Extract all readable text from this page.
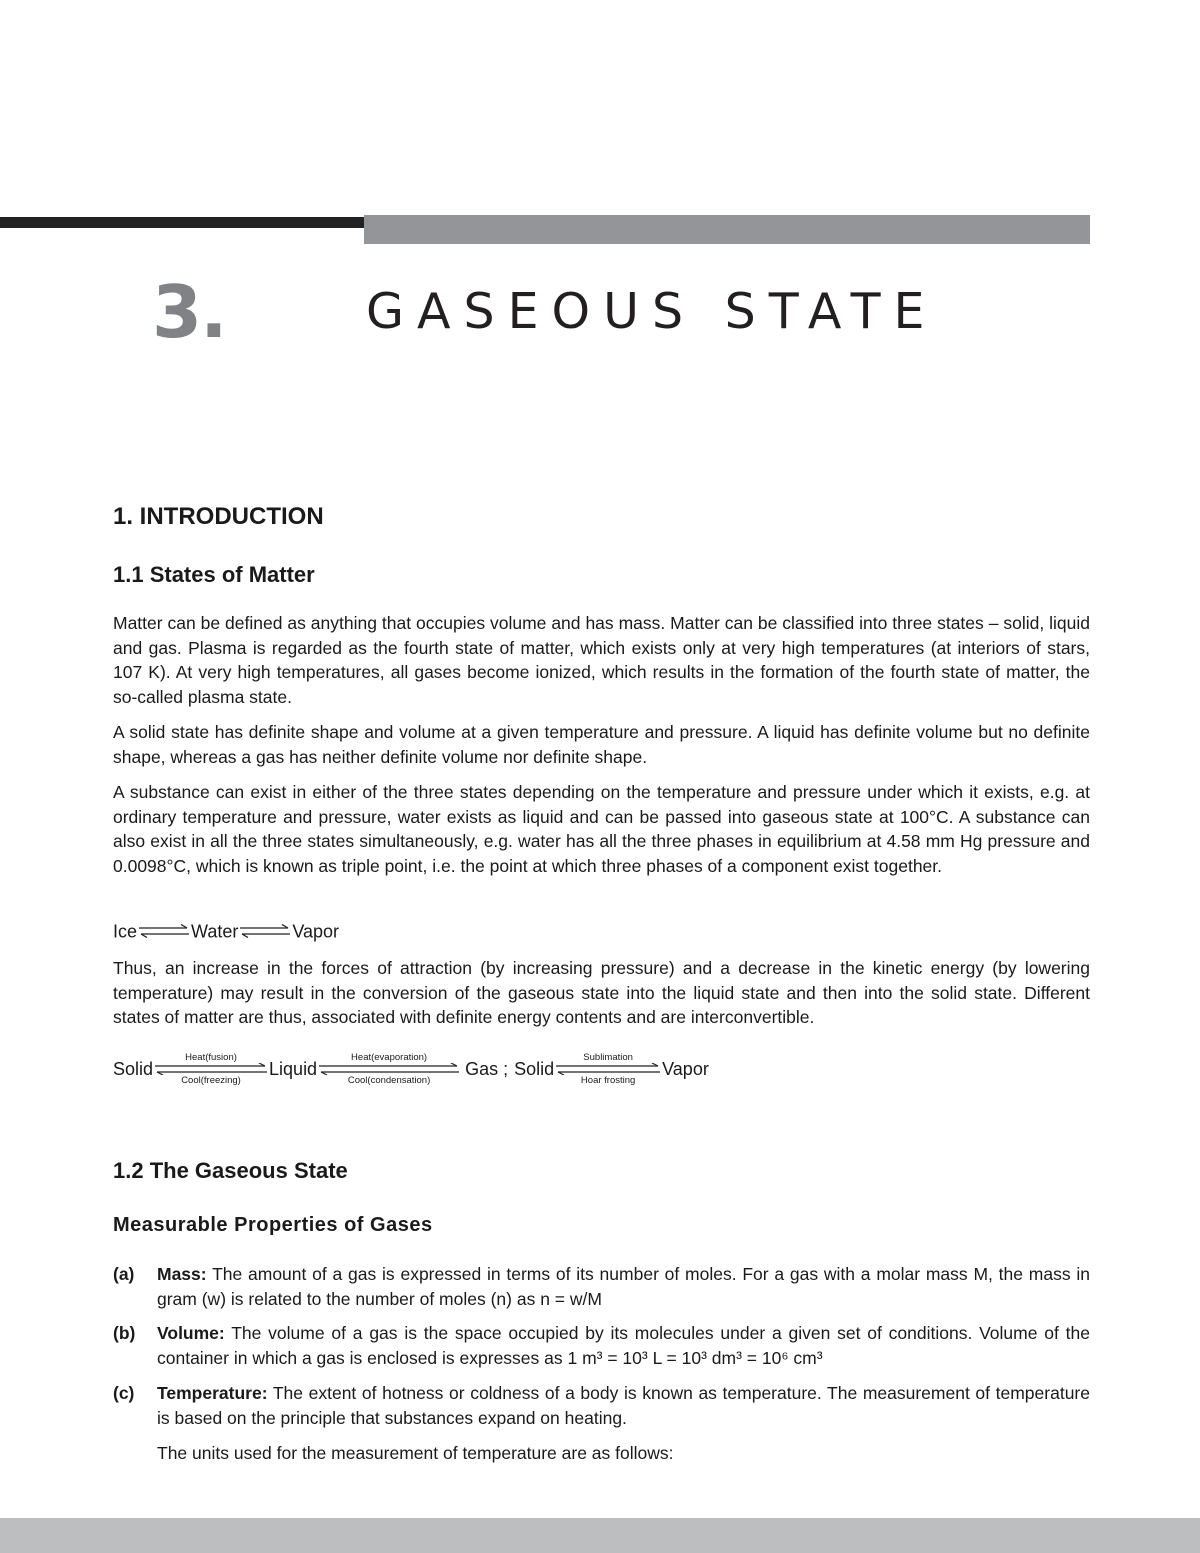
3.	GASEOUS STATE
1. INTRODUCTION
1.1 States of Matter

Matter can be defined as anything that occupies volume and has mass. Matter can be classified into three states – solid, liquid and gas. Plasma is regarded as the fourth state of matter, which exists only at very high temperatures (at interiors of stars, 107 K). At very high temperatures, all gases become ionized, which results in the formation of the fourth state of matter, the so-called plasma state.

A solid state has definite shape and volume at a given temperature and pressure. A liquid has definite volume but no definite shape, whereas a gas has neither definite volume nor definite shape.

A substance can exist in either of the three states depending on the temperature and pressure under which it exists, e.g. at ordinary temperature and pressure, water exists as liquid and can be passed into gaseous state at 100°C. A substance can also exist in all the three states simultaneously, e.g. water has all the three phases in equilibrium at 4.58 mm Hg pressure and 0.0098°C, which is known as triple point, i.e. the point at which three phases of a component exist together.

Ice⇌Water⇌Vapor

Thus, an increase in the forces of attraction (by increasing pressure) and a decrease in the kinetic energy (by lowering temperature) may result in the conversion of the gaseous state into the liquid state and then into the solid state. Different states of matter are thus, associated with definite energy contents and are interconvertible.

Solid
Heat(fusion)
Cool(freezing)
Liquid
Heat(evaporation)
Cool(condensation)
Gas ; Solid
Sublimation
Hoar frosting
Vapor
1.2 The Gaseous State
Measurable Properties of Gases
(a) Mass: The amount of a gas is expressed in terms of its number of moles. For a gas with a molar mass M, the mass in gram (w) is related to the number of moles (n) as n = w/M
(b) Volume: The volume of a gas is the space occupied by its molecules under a given set of conditions. Volume of the container in which a gas is enclosed is expresses as 1 m³ = 10³ L = 10³ dm³ = 10⁶ cm³
(c) Temperature: The extent of hotness or coldness of a body is known as temperature. The measurement of temperature is based on the principle that substances expand on heating.

The units used for the measurement of temperature are as follows:
